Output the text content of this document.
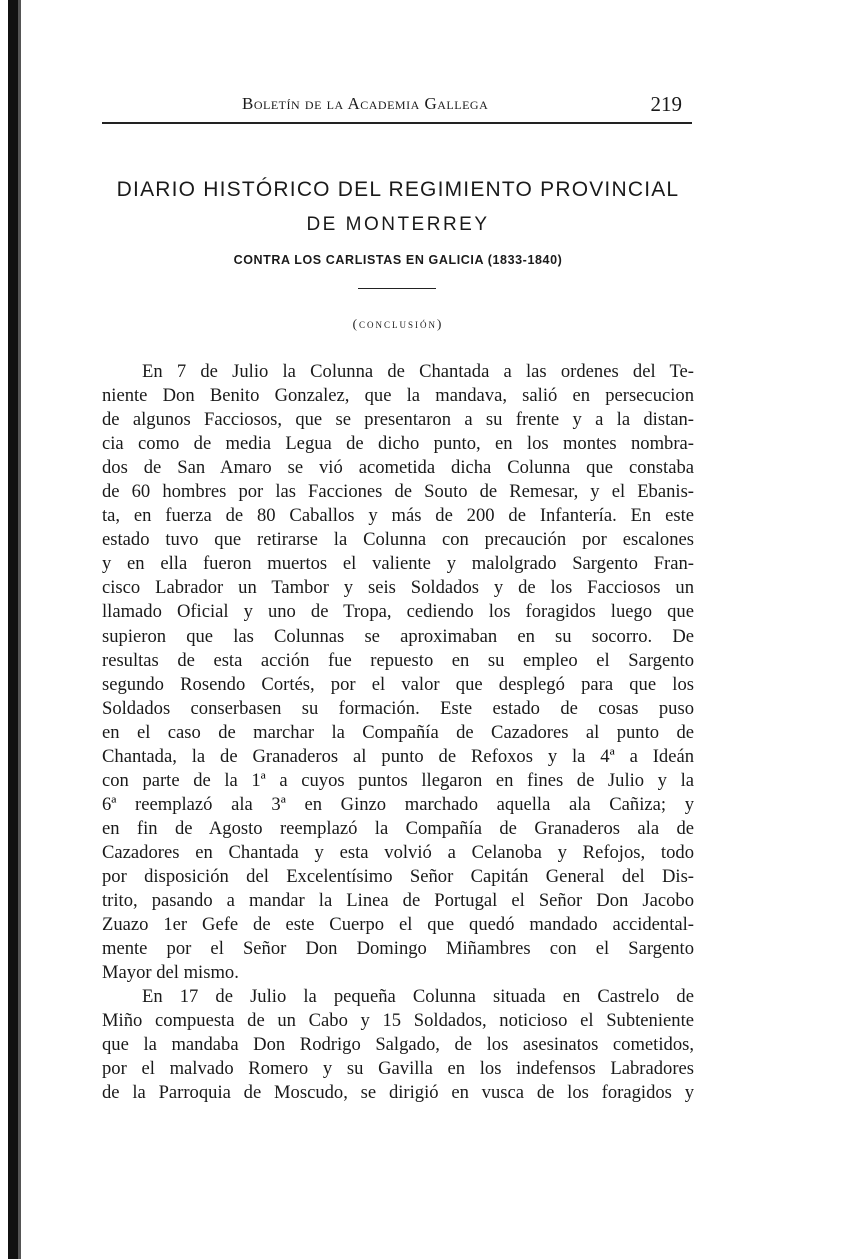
Boletín de la Academia Gallega	219
DIARIO HISTÓRICO DEL REGIMIENTO PROVINCIAL
DE MONTERREY
CONTRA LOS CARLISTAS EN GALICIA (1833-1840)
(conclusión)
En 7 de Julio la Colunna de Chantada a las ordenes del Te-
niente Don Benito Gonzalez, que la mandava, salió en persecucion
de algunos Facciosos, que se presentaron a su frente y a la distan-
cia como de media Legua de dicho punto, en los montes nombra-
dos de San Amaro se vió acometida dicha Colunna que constaba
de 60 hombres por las Facciones de Souto de Remesar, y el Ebanis-
ta, en fuerza de 80 Caballos y más de 200 de Infantería. En este
estado tuvo que retirarse la Colunna con precaución por escalones
y en ella fueron muertos el valiente y malolgrado Sargento Fran-
cisco Labrador un Tambor y seis Soldados y de los Facciosos un
llamado Oficial y uno de Tropa, cediendo los foragidos luego que
supieron que las Colunnas se aproximaban en su socorro. De
resultas de esta acción fue repuesto en su empleo el Sargento
segundo Rosendo Cortés, por el valor que desplegó para que los
Soldados conserbasen su formación. Este estado de cosas puso
en el caso de marchar la Compañía de Cazadores al punto de
Chantada, la de Granaderos al punto de Refoxos y la 4ª a Ideán
con parte de la 1ª a cuyos puntos llegaron en fines de Julio y la
6ª reemplazó ala 3ª en Ginzo marchado aquella ala Cañiza; y
en fin de Agosto reemplazó la Compañía de Granaderos ala de
Cazadores en Chantada y esta volvió a Celanoba y Refojos, todo
por disposición del Excelentísimo Señor Capitán General del Dis-
trito, pasando a mandar la Linea de Portugal el Señor Don Jacobo
Zuazo 1er Gefe de este Cuerpo el que quedó mandado accidental-
mente por el Señor Don Domingo Miñambres con el Sargento
Mayor del mismo.
En 17 de Julio la pequeña Colunna situada en Castrelo de
Miño compuesta de un Cabo y 15 Soldados, noticioso el Subteniente
que la mandaba Don Rodrigo Salgado, de los asesinatos cometidos,
por el malvado Romero y su Gavilla en los indefensos Labradores
de la Parroquia de Moscudo, se dirigió en vusca de los foragidos y
